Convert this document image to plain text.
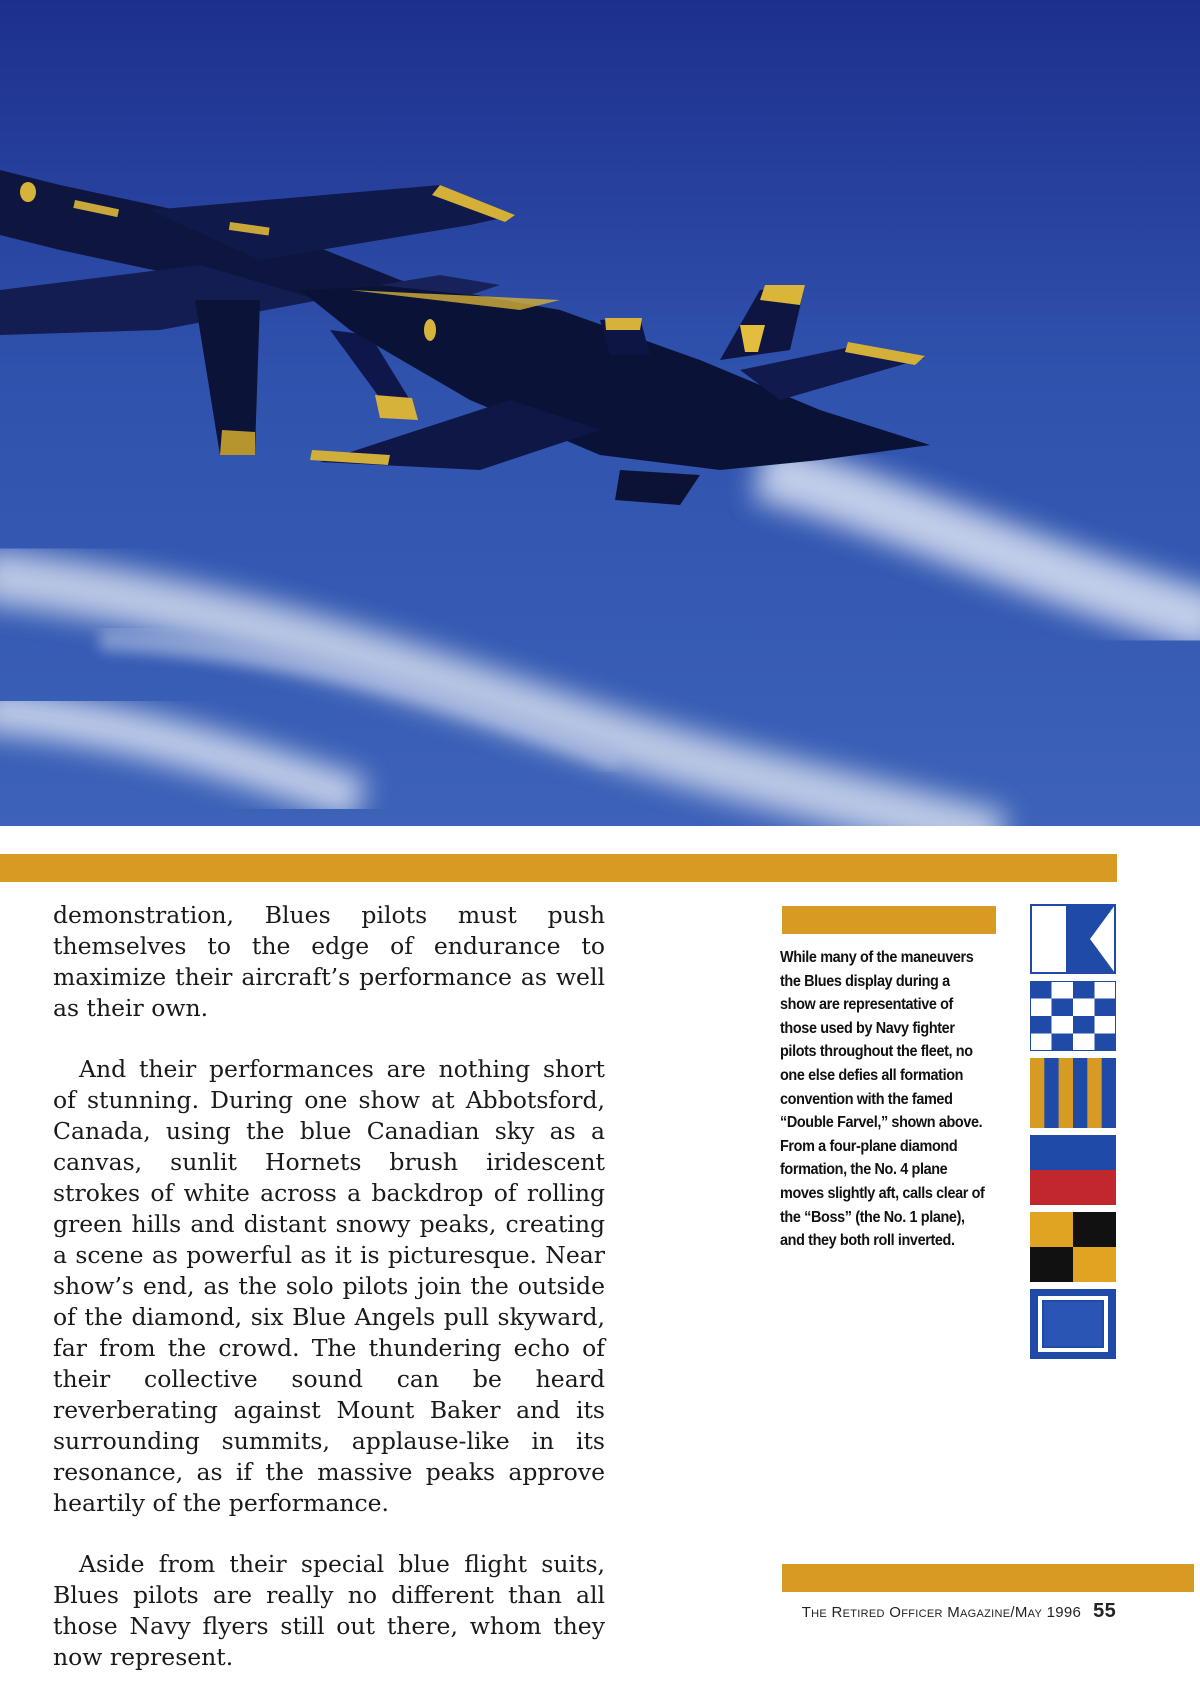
demonstration, Blues pilots must push themselves to the edge of endurance to maximize their aircraft’s performance as well as their own.

And their performances are nothing short of stunning. During one show at Abbotsford, Canada, using the blue Canadian sky as a canvas, sunlit Hornets brush iridescent strokes of white across a backdrop of rolling green hills and distant snowy peaks, creating a scene as powerful as it is picturesque. Near show’s end, as the solo pilots join the outside of the diamond, six Blue Angels pull skyward, far from the crowd. The thundering echo of their collective sound can be heard reverberating against Mount Baker and its surrounding summits, applause-like in its resonance, as if the massive peaks approve heartily of the performance.

Aside from their special blue flight suits, Blues pilots are really no different than all those Navy flyers still out there, whom they now represent.

While many of the maneuvers the Blues display during a show are representative of those used by Navy fighter pilots throughout the fleet, no one else defies all formation convention with the famed “Double Farvel,” shown above. From a four-plane diamond formation, the No. 4 plane moves slightly aft, calls clear of the “Boss” (the No. 1 plane), and they both roll inverted.
The Retired Officer Magazine/May 1996 55
